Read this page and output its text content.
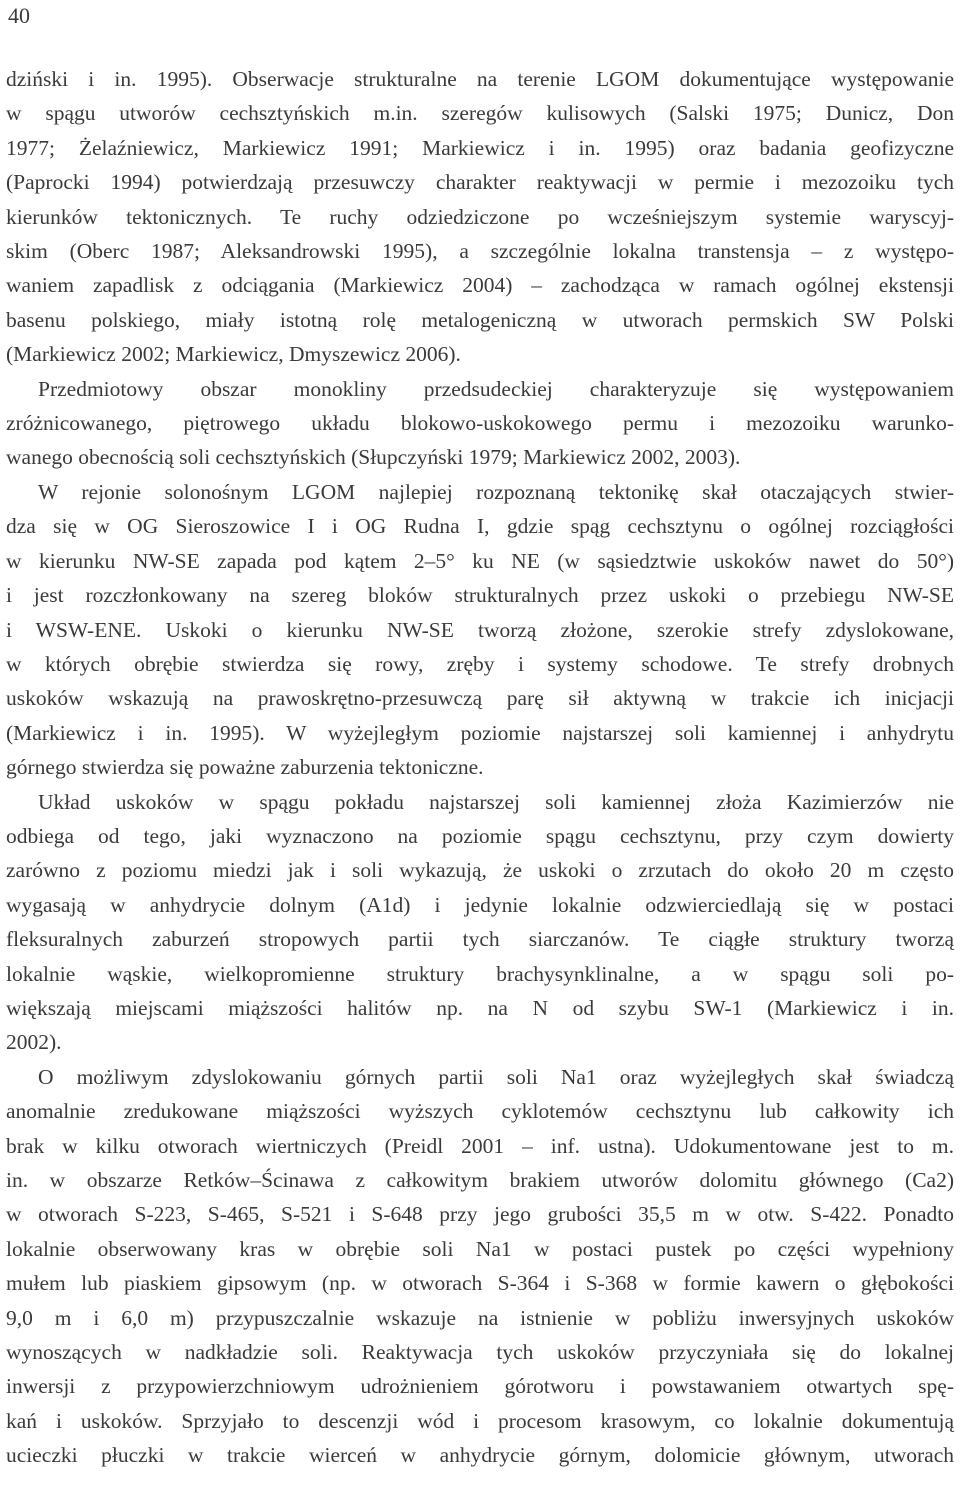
40
dziński i in. 1995). Obserwacje strukturalne na terenie LGOM dokumentujące występowanie
w spągu utworów cechsztyńskich m.in. szeregów kulisowych (Salski 1975; Dunicz, Don
1977; Żelaźniewicz, Markiewicz 1991; Markiewicz i in. 1995) oraz badania geofizyczne
(Paprocki 1994) potwierdzają przesuwczy charakter reaktywacji w permie i mezozoiku tych
kierunków tektonicznych. Te ruchy odziedziczone po wcześniejszym systemie waryscyj-
skim (Oberc 1987; Aleksandrowski 1995), a szczególnie lokalna transtensja – z występo-
waniem zapadlisk z odciągania (Markiewicz 2004) – zachodząca w ramach ogólnej ekstensji
basenu polskiego, miały istotną rolę metalogeniczną w utworach permskich SW Polski
(Markiewicz 2002; Markiewicz, Dmyszewicz 2006).
Przedmiotowy obszar monokliny przedsudeckiej charakteryzuje się występowaniem
zróżnicowanego, piętrowego układu blokowo-uskokowego permu i mezozoiku warunko-
wanego obecnością soli cechsztyńskich (Słupczyński 1979; Markiewicz 2002, 2003).
W rejonie solonośnym LGOM najlepiej rozpoznaną tektonikę skał otaczających stwier-
dza się w OG Sieroszowice I i OG Rudna I, gdzie spąg cechsztynu o ogólnej rozciągłości
w kierunku NW-SE zapada pod kątem 2–5° ku NE (w sąsiedztwie uskoków nawet do 50°)
i jest rozczłonkowany na szereg bloków strukturalnych przez uskoki o przebiegu NW-SE
i WSW-ENE. Uskoki o kierunku NW-SE tworzą złożone, szerokie strefy zdyslokowane,
w których obrębie stwierdza się rowy, zręby i systemy schodowe. Te strefy drobnych
uskoków wskazują na prawoskrętno-przesuwczą parę sił aktywną w trakcie ich inicjacji
(Markiewicz i in. 1995). W wyżejległym poziomie najstarszej soli kamiennej i anhydrytu
górnego stwierdza się poważne zaburzenia tektoniczne.
Układ uskoków w spągu pokładu najstarszej soli kamiennej złoża Kazimierzów nie
odbiega od tego, jaki wyznaczono na poziomie spągu cechsztynu, przy czym dowierty
zarówno z poziomu miedzi jak i soli wykazują, że uskoki o zrzutach do około 20 m często
wygasają w anhydrycie dolnym (A1d) i jedynie lokalnie odzwierciedlają się w postaci
fleksuralnych zaburzeń stropowych partii tych siarczanów. Te ciągłe struktury tworzą
lokalnie wąskie, wielkopromienne struktury brachysynklinalne, a w spągu soli po-
większają miejscami miąższości halitów np. na N od szybu SW-1 (Markiewicz i in.
2002).
O możliwym zdyslokowaniu górnych partii soli Na1 oraz wyżejległych skał świadczą
anomalnie zredukowane miąższości wyższych cyklotemów cechsztynu lub całkowity ich
brak w kilku otworach wiertniczych (Preidl 2001 – inf. ustna). Udokumentowane jest to m.
in. w obszarze Retków–Ścinawa z całkowitym brakiem utworów dolomitu głównego (Ca2)
w otworach S-223, S-465, S-521 i S-648 przy jego grubości 35,5 m w otw. S-422. Ponadto
lokalnie obserwowany kras w obrębie soli Na1 w postaci pustek po części wypełniony
mułem lub piaskiem gipsowym (np. w otworach S-364 i S-368 w formie kawern o głębokości
9,0 m i 6,0 m) przypuszczalnie wskazuje na istnienie w pobliżu inwersyjnych uskoków
wynoszących w nadkładzie soli. Reaktywacja tych uskoków przyczyniała się do lokalnej
inwersji z przypowierzchniowym udrożnieniem górotworu i powstawaniem otwartych spę-
kań i uskoków. Sprzyjało to descenzji wód i procesom krasowym, co lokalnie dokumentują
ucieczki płuczki w trakcie wierceń w anhydrycie górnym, dolomicie głównym, utworach
